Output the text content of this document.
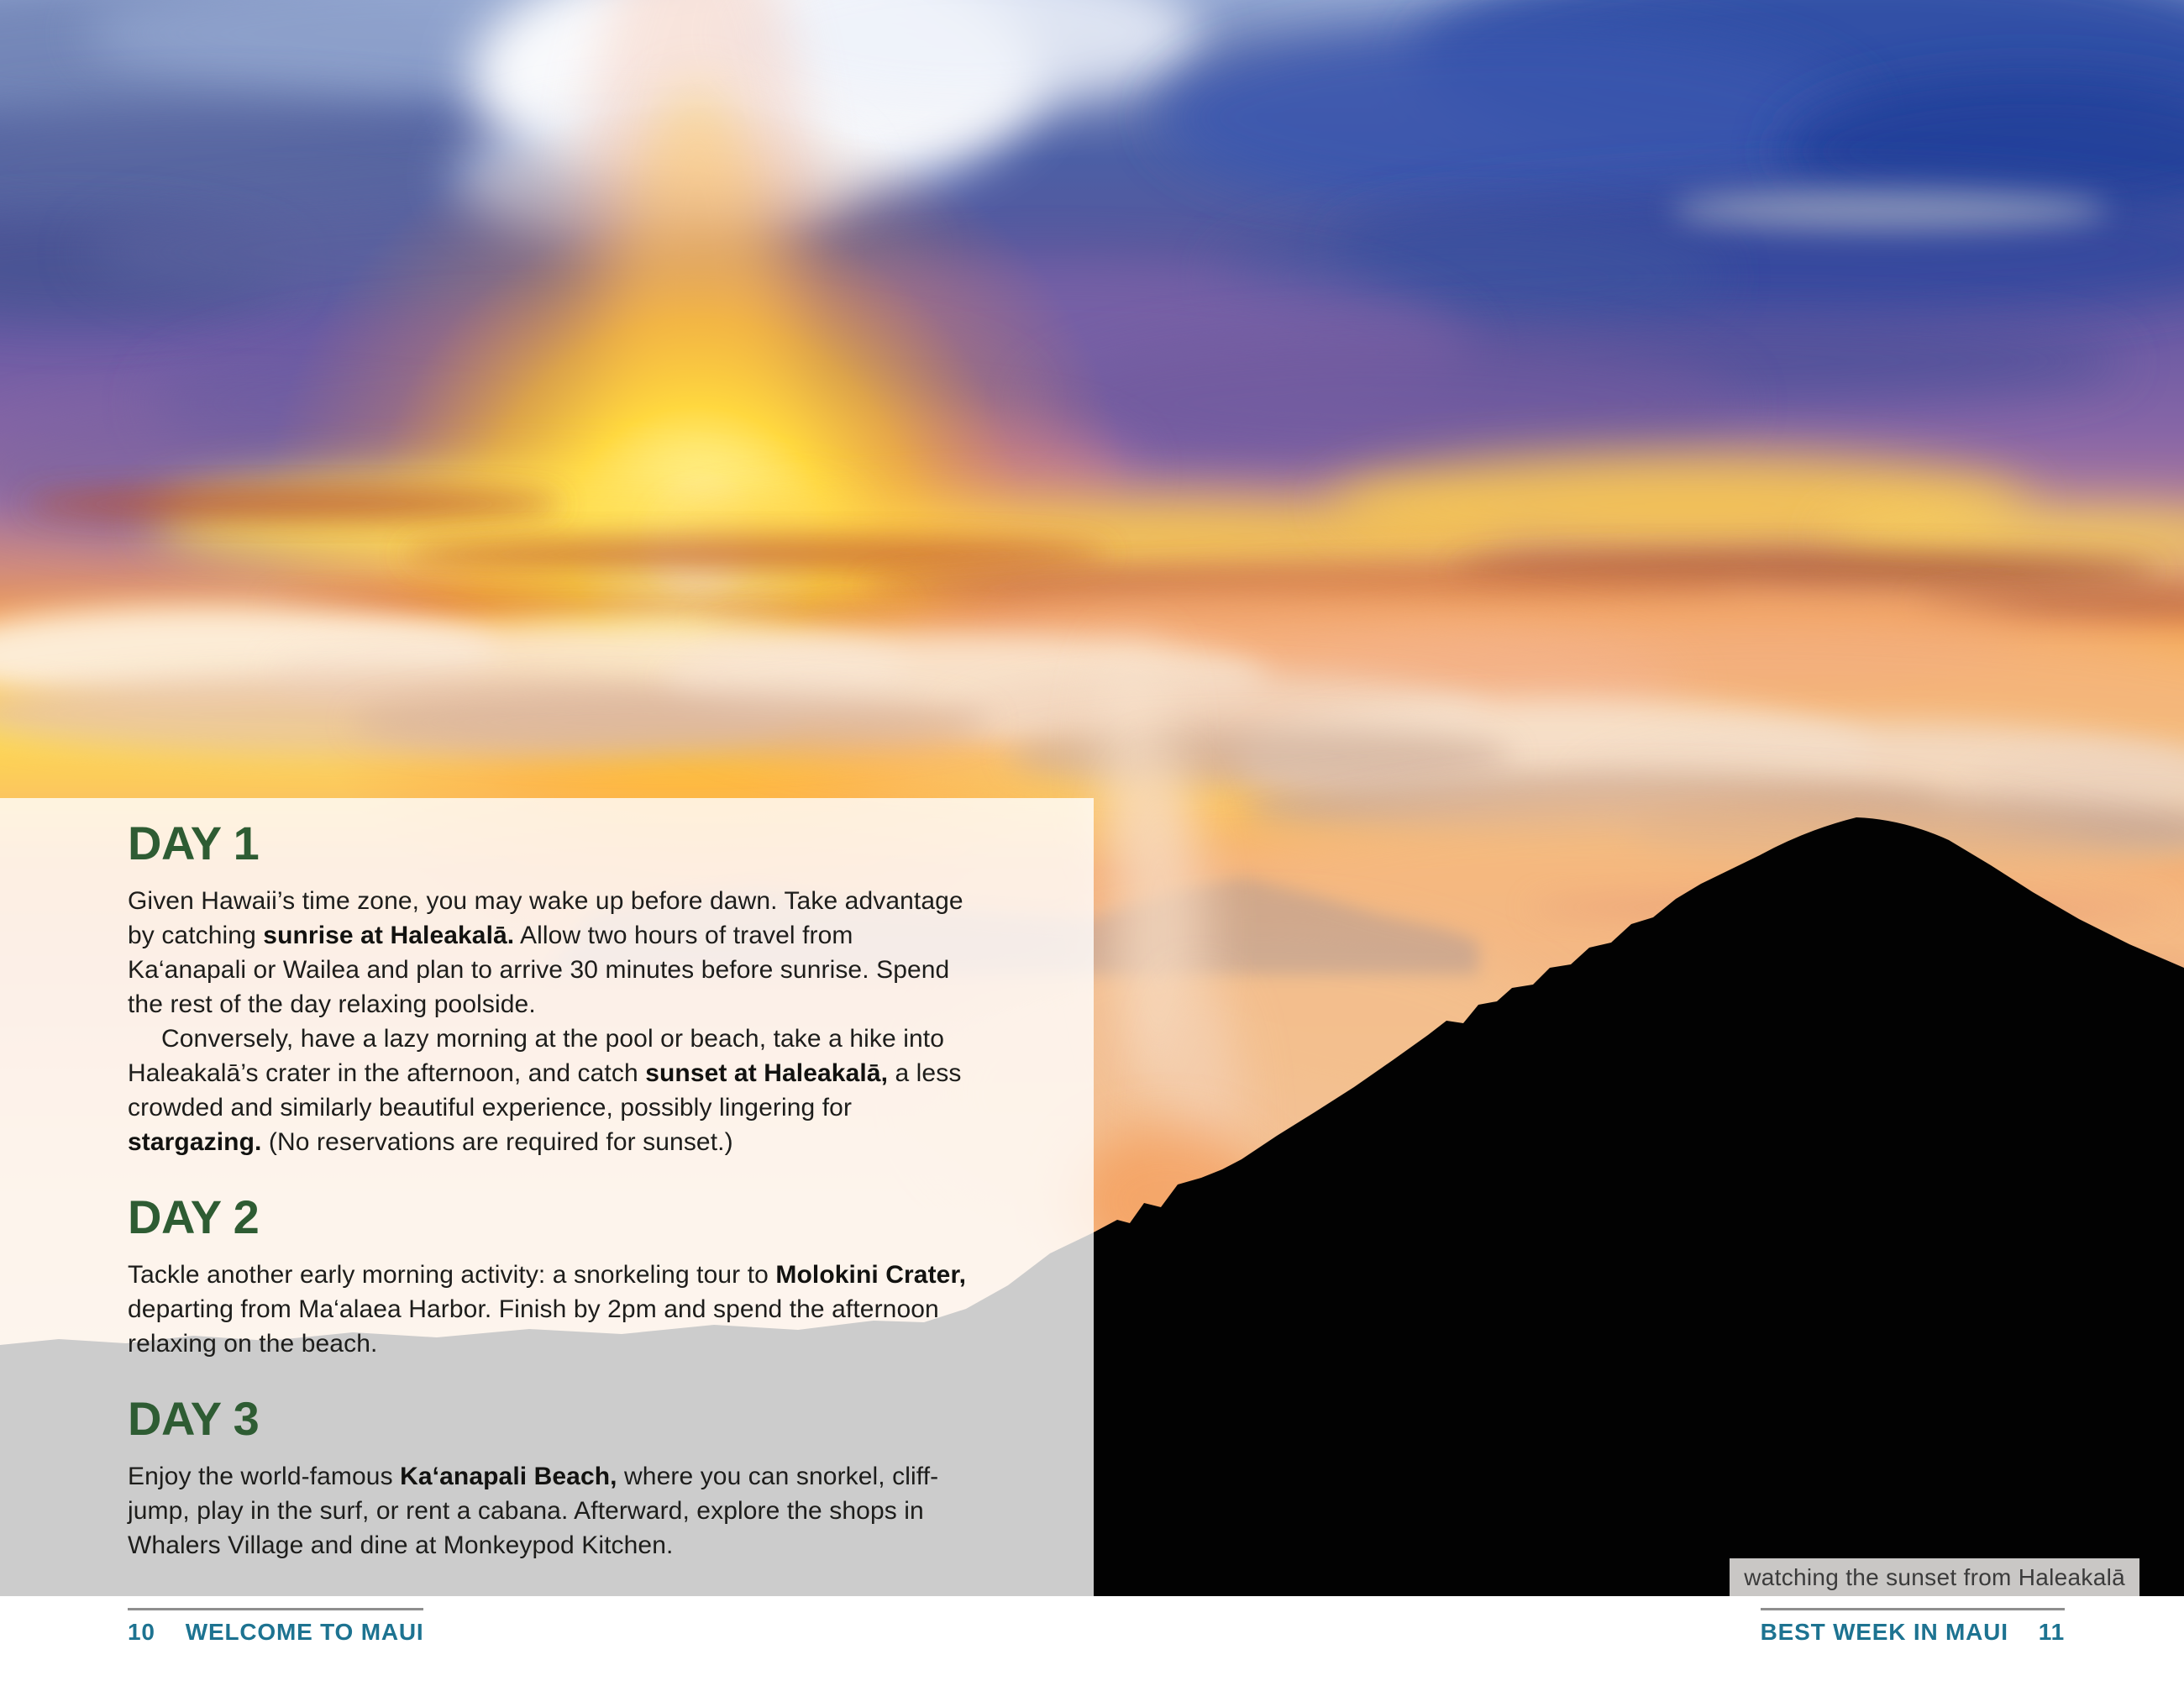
watching the sunset from Haleakalā
DAY 1

Given Hawaii’s time zone, you may wake up before dawn. Take advantage by catching sunrise at Haleakalā. Allow two hours of travel from Ka‘anapali or Wailea and plan to arrive 30 minutes before sunrise. Spend the rest of the day relaxing poolside.

Conversely, have a lazy morning at the pool or beach, take a hike into Haleakalā’s crater in the afternoon, and catch sunset at Haleakalā, a less crowded and similarly beautiful experience, possibly lingering for stargazing. (No reservations are required for sunset.)

DAY 2

Tackle another early morning activity: a snorkeling tour to Molokini Crater, departing from Ma‘alaea Harbor. Finish by 2pm and spend the afternoon relaxing on the beach.

DAY 3

Enjoy the world-famous Ka‘anapali Beach, where you can snorkel, cliff-jump, play in the surf, or rent a cabana. Afterward, explore the shops in Whalers Village and dine at Monkeypod Kitchen.

10 WELCOME TO MAUI	BEST WEEK IN MAUI 11
